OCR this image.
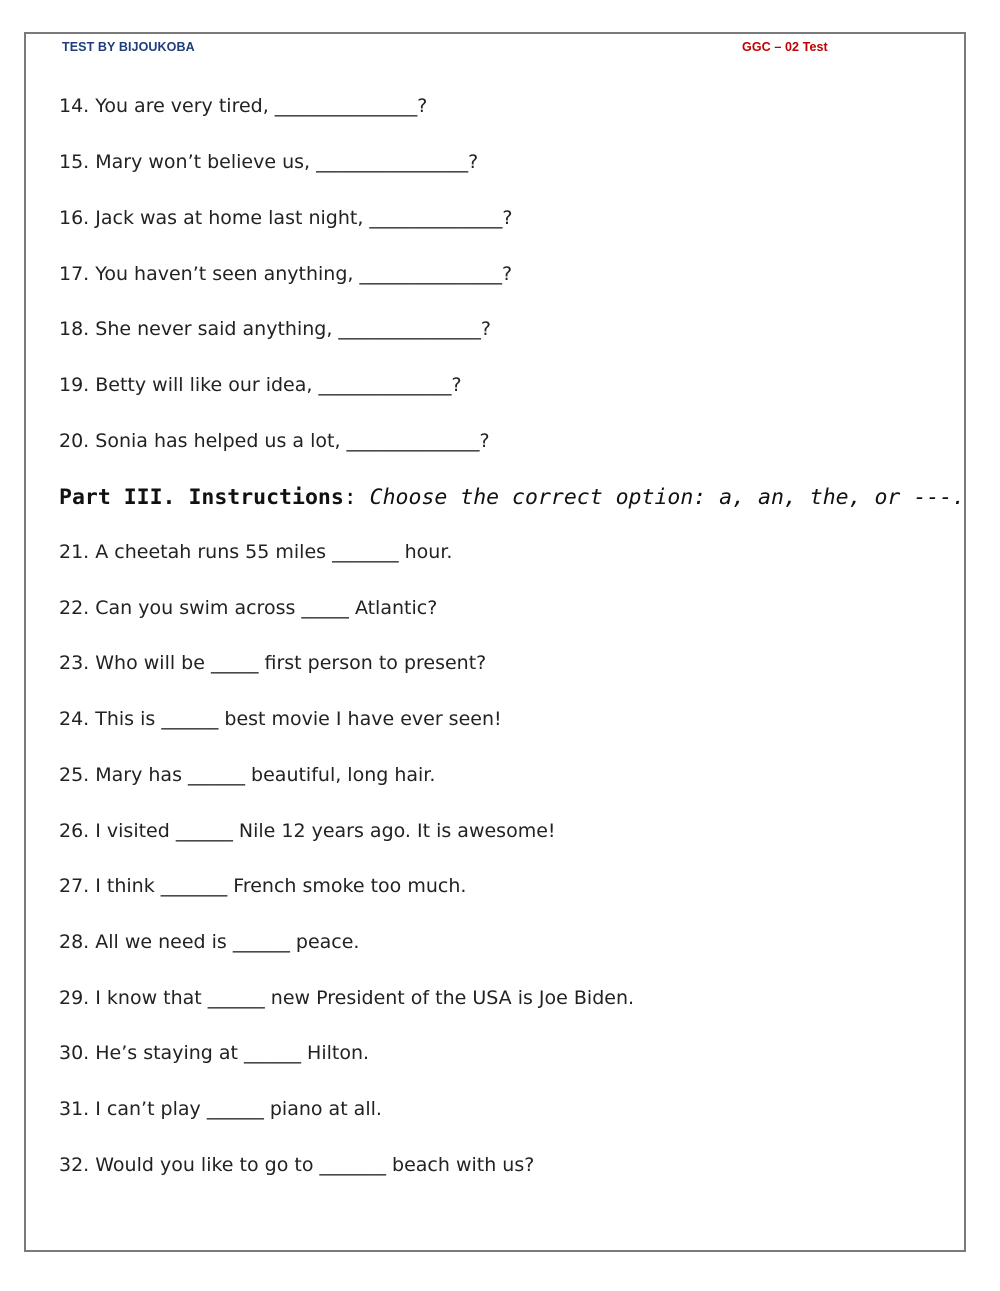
TEST BY BIJOUKOBA	GGC – 02 Test
14. You are very tired, _______________?
15. Mary won’t believe us, ________________?
16. Jack was at home last night, ______________?
17. You haven’t seen anything, _______________?
18. She never said anything, _______________?
19. Betty will like our idea, ______________?
20. Sonia has helped us a lot, ______________?
Part III. Instructions: Choose the correct option: a, an, the, or ---.
21. A cheetah runs 55 miles _______ hour.
22. Can you swim across _____ Atlantic?
23. Who will be _____ first person to present?
24. This is ______ best movie I have ever seen!
25. Mary has ______ beautiful, long hair.
26. I visited ______ Nile 12 years ago. It is awesome!
27. I think _______ French smoke too much.
28. All we need is ______ peace.
29. I know that ______ new President of the USA is Joe Biden.
30. He’s staying at ______ Hilton.
31. I can’t play ______ piano at all.
32. Would you like to go to _______ beach with us?
